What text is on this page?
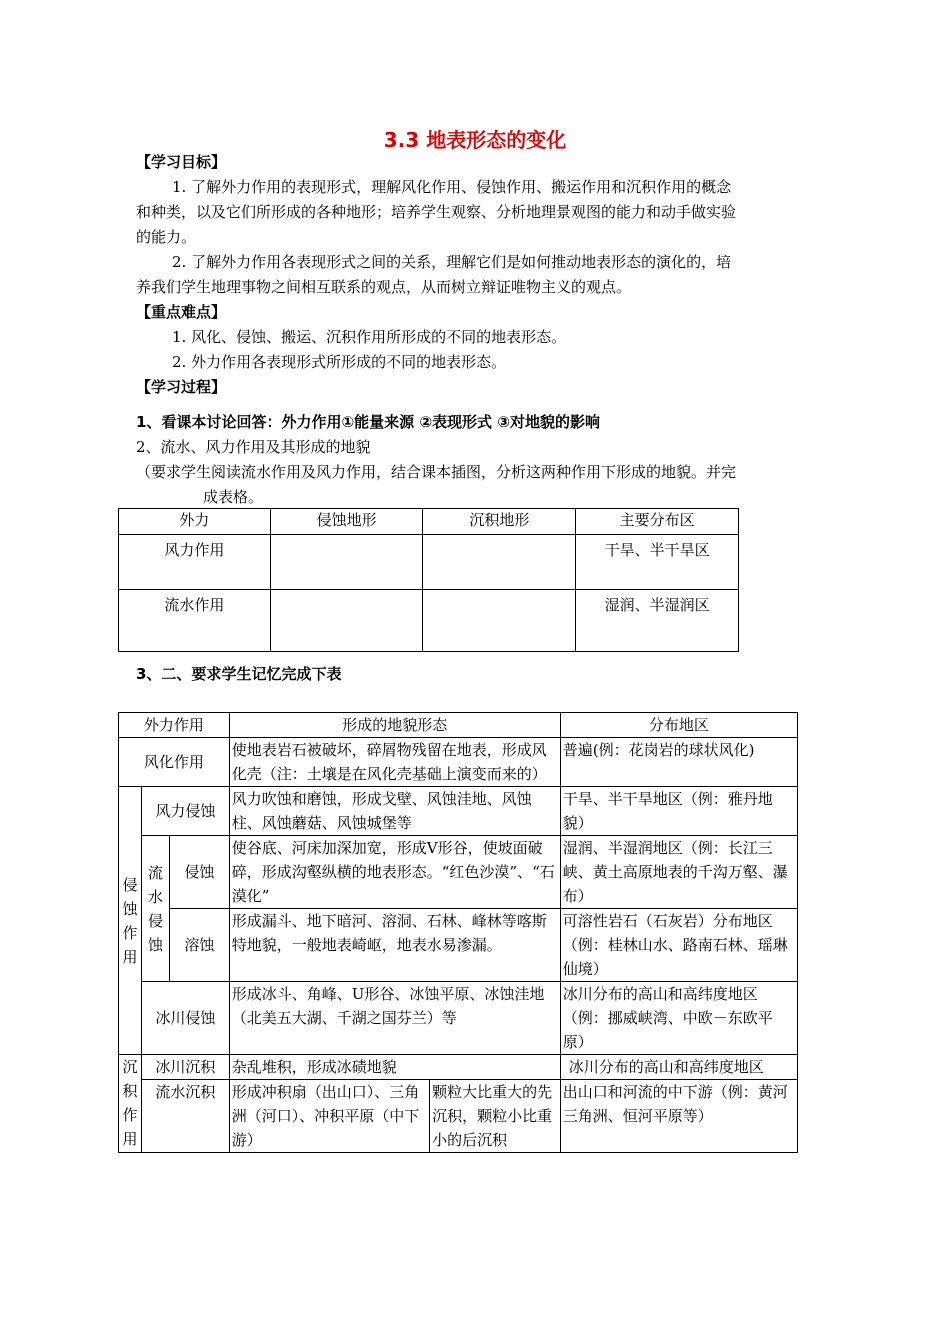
3.3 地表形态的变化
【学习目标】
1. 了解外力作用的表现形式，理解风化作用、侵蚀作用、搬运作用和沉积作用的概念
和种类，以及它们所形成的各种地形；培养学生观察、分析地理景观图的能力和动手做实验
的能力。
2. 了解外力作用各表现形式之间的关系，理解它们是如何推动地表形态的演化的，培
养我们学生地理事物之间相互联系的观点，从而树立辩证唯物主义的观点。
【重点难点】
1. 风化、侵蚀、搬运、沉积作用所形成的不同的地表形态。
2. 外力作用各表现形式所形成的不同的地表形态。
【学习过程】
1、看课本讨论回答：外力作用①能量来源 ②表现形式 ③对地貌的影响
2、流水、风力作用及其形成的地貌
（要求学生阅读流水作用及风力作用，结合课本插图，分析这两种作用下形成的地貌。并完
成表格。
外力	侵蚀地形	沉积地形	主要分布区
风力作用			干旱、半干旱区
流水作用			湿润、半湿润区
3、二、要求学生记忆完成下表
外力作用			形成的地貌形态		分布地区
风化作用			使地表岩石被破坏，碎屑物残留在地表，形成风化壳（注：土壤是在风化壳基础上演变而来的）		普遍(例：花岗岩的球状风化)
侵蚀作用	风力侵蚀		风力吹蚀和磨蚀，形成戈壁、风蚀洼地、风蚀柱、风蚀蘑菇、风蚀城堡等		干旱、半干旱地区（例：雅丹地貌）
	流水侵蚀	侵蚀	使谷底、河床加深加宽，形成V形谷，使坡面破碎，形成沟壑纵横的地表形态。“红色沙漠”、“石漠化”		湿润、半湿润地区（例：长江三峡、黄土高原地表的千沟万壑、瀑布）
		溶蚀	形成漏斗、地下暗河、溶洞、石林、峰林等喀斯特地貌，一般地表崎岖，地表水易渗漏。		可溶性岩石（石灰岩）分布地区（例：桂林山水、路南石林、瑶琳仙境）
	冰川侵蚀		形成冰斗、角峰、U形谷、冰蚀平原、冰蚀洼地（北美五大湖、千湖之国芬兰）等		冰川分布的高山和高纬度地区（例：挪威峡湾、中欧－东欧平原）
沉积作用	冰川沉积		杂乱堆积，形成冰碛地貌		冰川分布的高山和高纬度地区
	流水沉积		形成冲积扇（出山口）、三角洲（河口）、冲积平原（中下游）	颗粒大比重大的先沉积，颗粒小比重小的后沉积	出山口和河流的中下游（例：黄河三角洲、恒河平原等）
